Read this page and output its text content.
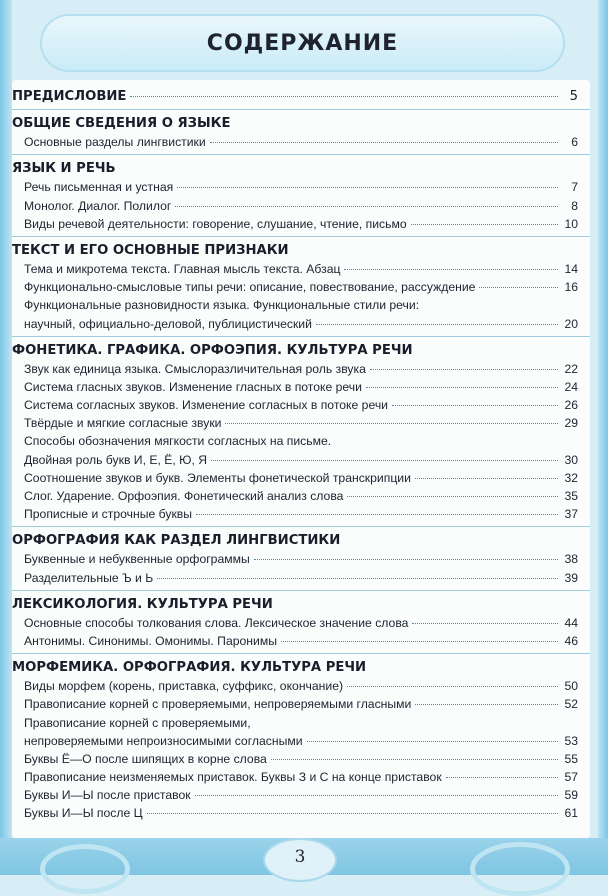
СОДЕРЖАНИЕ
ПРЕДИСЛОВИЕ	5
ОБЩИЕ СВЕДЕНИЯ О ЯЗЫКЕ
Основные разделы лингвистики	6
ЯЗЫК И РЕЧЬ
Речь письменная и устная	7
Монолог. Диалог. Полилог	8
Виды речевой деятельности: говорение, слушание, чтение, письмо	10
ТЕКСТ И ЕГО ОСНОВНЫЕ ПРИЗНАКИ
Тема и микротема текста. Главная мысль текста. Абзац	14
Функционально-смысловые типы речи: описание, повествование, рассуждение	16
Функциональные разновидности языка. Функциональные стили речи:
научный, официально-деловой, публицистический	20
ФОНЕТИКА. ГРАФИКА. ОРФОЭПИЯ. КУЛЬТУРА РЕЧИ
Звук как единица языка. Смыслоразличительная роль звука	22
Система гласных звуков. Изменение гласных в потоке речи	24
Система согласных звуков. Изменение согласных в потоке речи	26
Твёрдые и мягкие согласные звуки	29
Способы обозначения мягкости согласных на письме.
Двойная роль букв И, Е, Ё, Ю, Я	30
Соотношение звуков и букв. Элементы фонетической транскрипции	32
Слог. Ударение. Орфоэпия. Фонетический анализ слова	35
Прописные и строчные буквы	37
ОРФОГРАФИЯ КАК РАЗДЕЛ ЛИНГВИСТИКИ
Буквенные и небуквенные орфограммы	38
Разделительные Ъ и Ь	39
ЛЕКСИКОЛОГИЯ. КУЛЬТУРА РЕЧИ
Основные способы толкования слова. Лексическое значение слова	44
Антонимы. Синонимы. Омонимы. Паронимы	46
МОРФЕМИКА. ОРФОГРАФИЯ. КУЛЬТУРА РЕЧИ
Виды морфем (корень, приставка, суффикс, окончание)	50
Правописание корней с проверяемыми, непроверяемыми гласными	52
Правописание корней с проверяемыми,
непроверяемыми непроизносимыми согласными	53
Буквы Ё—О после шипящих в корне слова	55
Правописание неизменяемых приставок. Буквы З и С на конце приставок	57
Буквы И—Ы после приставок	59
Буквы И—Ы после Ц	61
3
